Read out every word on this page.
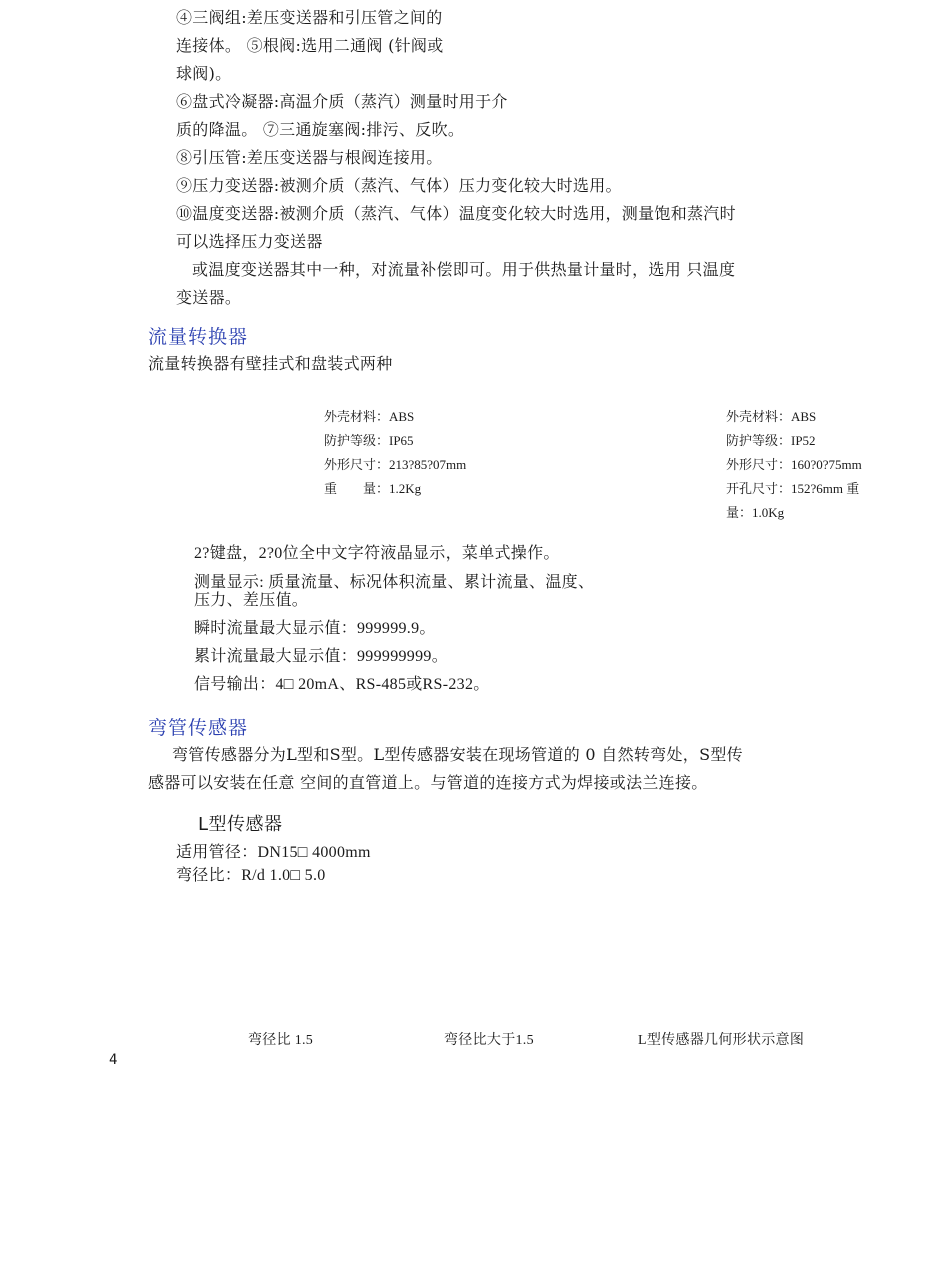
④三阀组:差压变送器和引压管之间的
连接体。 ⑤根阀:选用二通阀 (针阀或
球阀)。
⑥盘式冷凝器:高温介质（蒸汽）测量时用于介
质的降温。 ⑦三通旋塞阀:排污、反吹。
⑧引压管:差压变送器与根阀连接用。
⑨压力变送器:被测介质（蒸汽、气体）压力变化较大时选用。
⑩温度变送器:被测介质（蒸汽、气体）温度变化较大时选用，测量饱和蒸汽时
可以选择压力变送器
或温度变送器其中一种，对流量补偿即可。用于供热量计量时，选用 只温度
变送器。
流量转换器
流量转换器有壁挂式和盘装式两种
外壳材料：ABS
防护等级：IP65
外形尺寸：213?85?07mm
重　　量：1.2Kg
外壳材料：ABS
防护等级：IP52
外形尺寸：160?0?75mm
开孔尺寸：152?6mm 重
量：1.0Kg
2?键盘，2?0位全中文字符液晶显示，菜单式操作。
测量显示: 质量流量、标况体积流量、累计流量、温度、
压力、差压值。
瞬时流量最大显示值：999999.9。
累计流量最大显示值：999999999。
信号输出：4□ 20mA、RS-485或RS-232。
弯管传感器
弯管传感器分为L型和S型。L型传感器安装在现场管道的 0 自然转弯处，S型传
感器可以安装在任意 空间的直管道上。与管道的连接方式为焊接或法兰连接。
L型传感器
适用管径：DN15□ 4000mm
弯径比：R/d 1.0□ 5.0
弯径比 1.5	弯径比大于1.5	L型传感器几何形状示意图
4
